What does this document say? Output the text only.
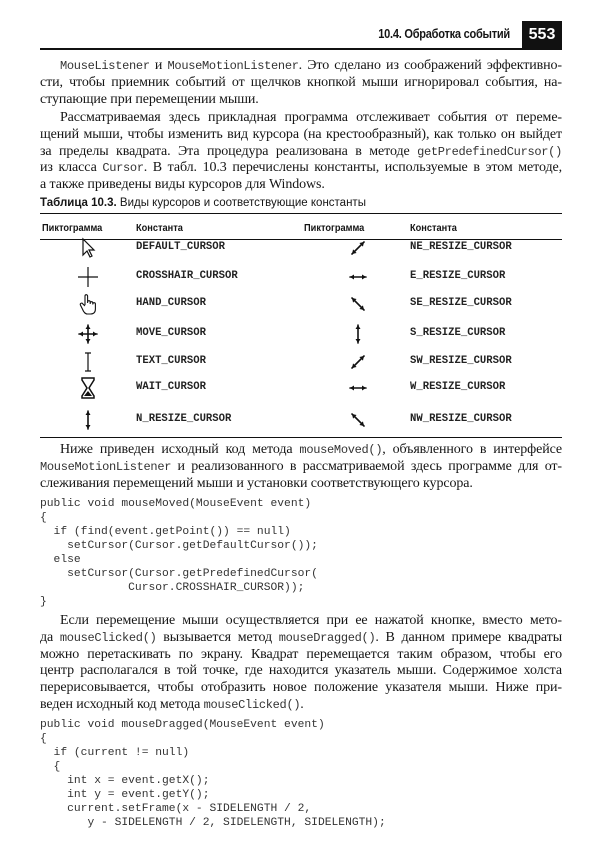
10.4. Обработка событий	553
MouseListener и MouseMotionListener. Это сделано из соображений эффективно-
сти, чтобы приемник событий от щелчков кнопкой мыши игнорировал события, на-
ступающие при перемещении мыши.
Рассматриваемая здесь прикладная программа отслеживает события от переме-
щений мыши, чтобы изменить вид курсора (на крестообразный), как только он выйдет
за пределы квадрата. Эта процедура реализована в методе getPredefinedCursor()
из класса Cursor. В табл. 10.3 перечислены константы, используемые в этом методе,
а также приведены виды курсоров для Windows.
Таблица 10.3. Виды курсоров и соответствующие константы
Пиктограмма	Константа	Пиктограмма	Константа
DEFAULT_CURSOR	NE_RESIZE_CURSOR
CROSSHAIR_CURSOR	E_RESIZE_CURSOR
HAND_CURSOR	SE_RESIZE_CURSOR
MOVE_CURSOR	S_RESIZE_CURSOR
TEXT_CURSOR	SW_RESIZE_CURSOR
WAIT_CURSOR	W_RESIZE_CURSOR
N_RESIZE_CURSOR	NW_RESIZE_CURSOR
Ниже приведен исходный код метода mouseMoved(), объявленного в интерфейсе
MouseMotionListener и реализованного в рассматриваемой здесь программе для от-
слеживания перемещений мыши и установки соответствующего курсора.
public void mouseMoved(MouseEvent event)
{
if (find(event.getPoint()) == null)
setCursor(Cursor.getDefaultCursor());
else
setCursor(Cursor.getPredefinedCursor(
Cursor.CROSSHAIR_CURSOR));
}
Если перемещение мыши осуществляется при ее нажатой кнопке, вместо мето-
да mouseClicked() вызывается метод mouseDragged(). В данном примере квадраты
можно перетаскивать по экрану. Квадрат перемещается таким образом, чтобы его
центр располагался в той точке, где находится указатель мыши. Содержимое холста
перерисовывается, чтобы отобразить новое положение указателя мыши. Ниже при-
веден исходный код метода mouseClicked().
public void mouseDragged(MouseEvent event)
{
if (current != null)
{
int x = event.getX();
int y = event.getY();
current.setFrame(x - SIDELENGTH / 2,
y - SIDELENGTH / 2, SIDELENGTH, SIDELENGTH);
